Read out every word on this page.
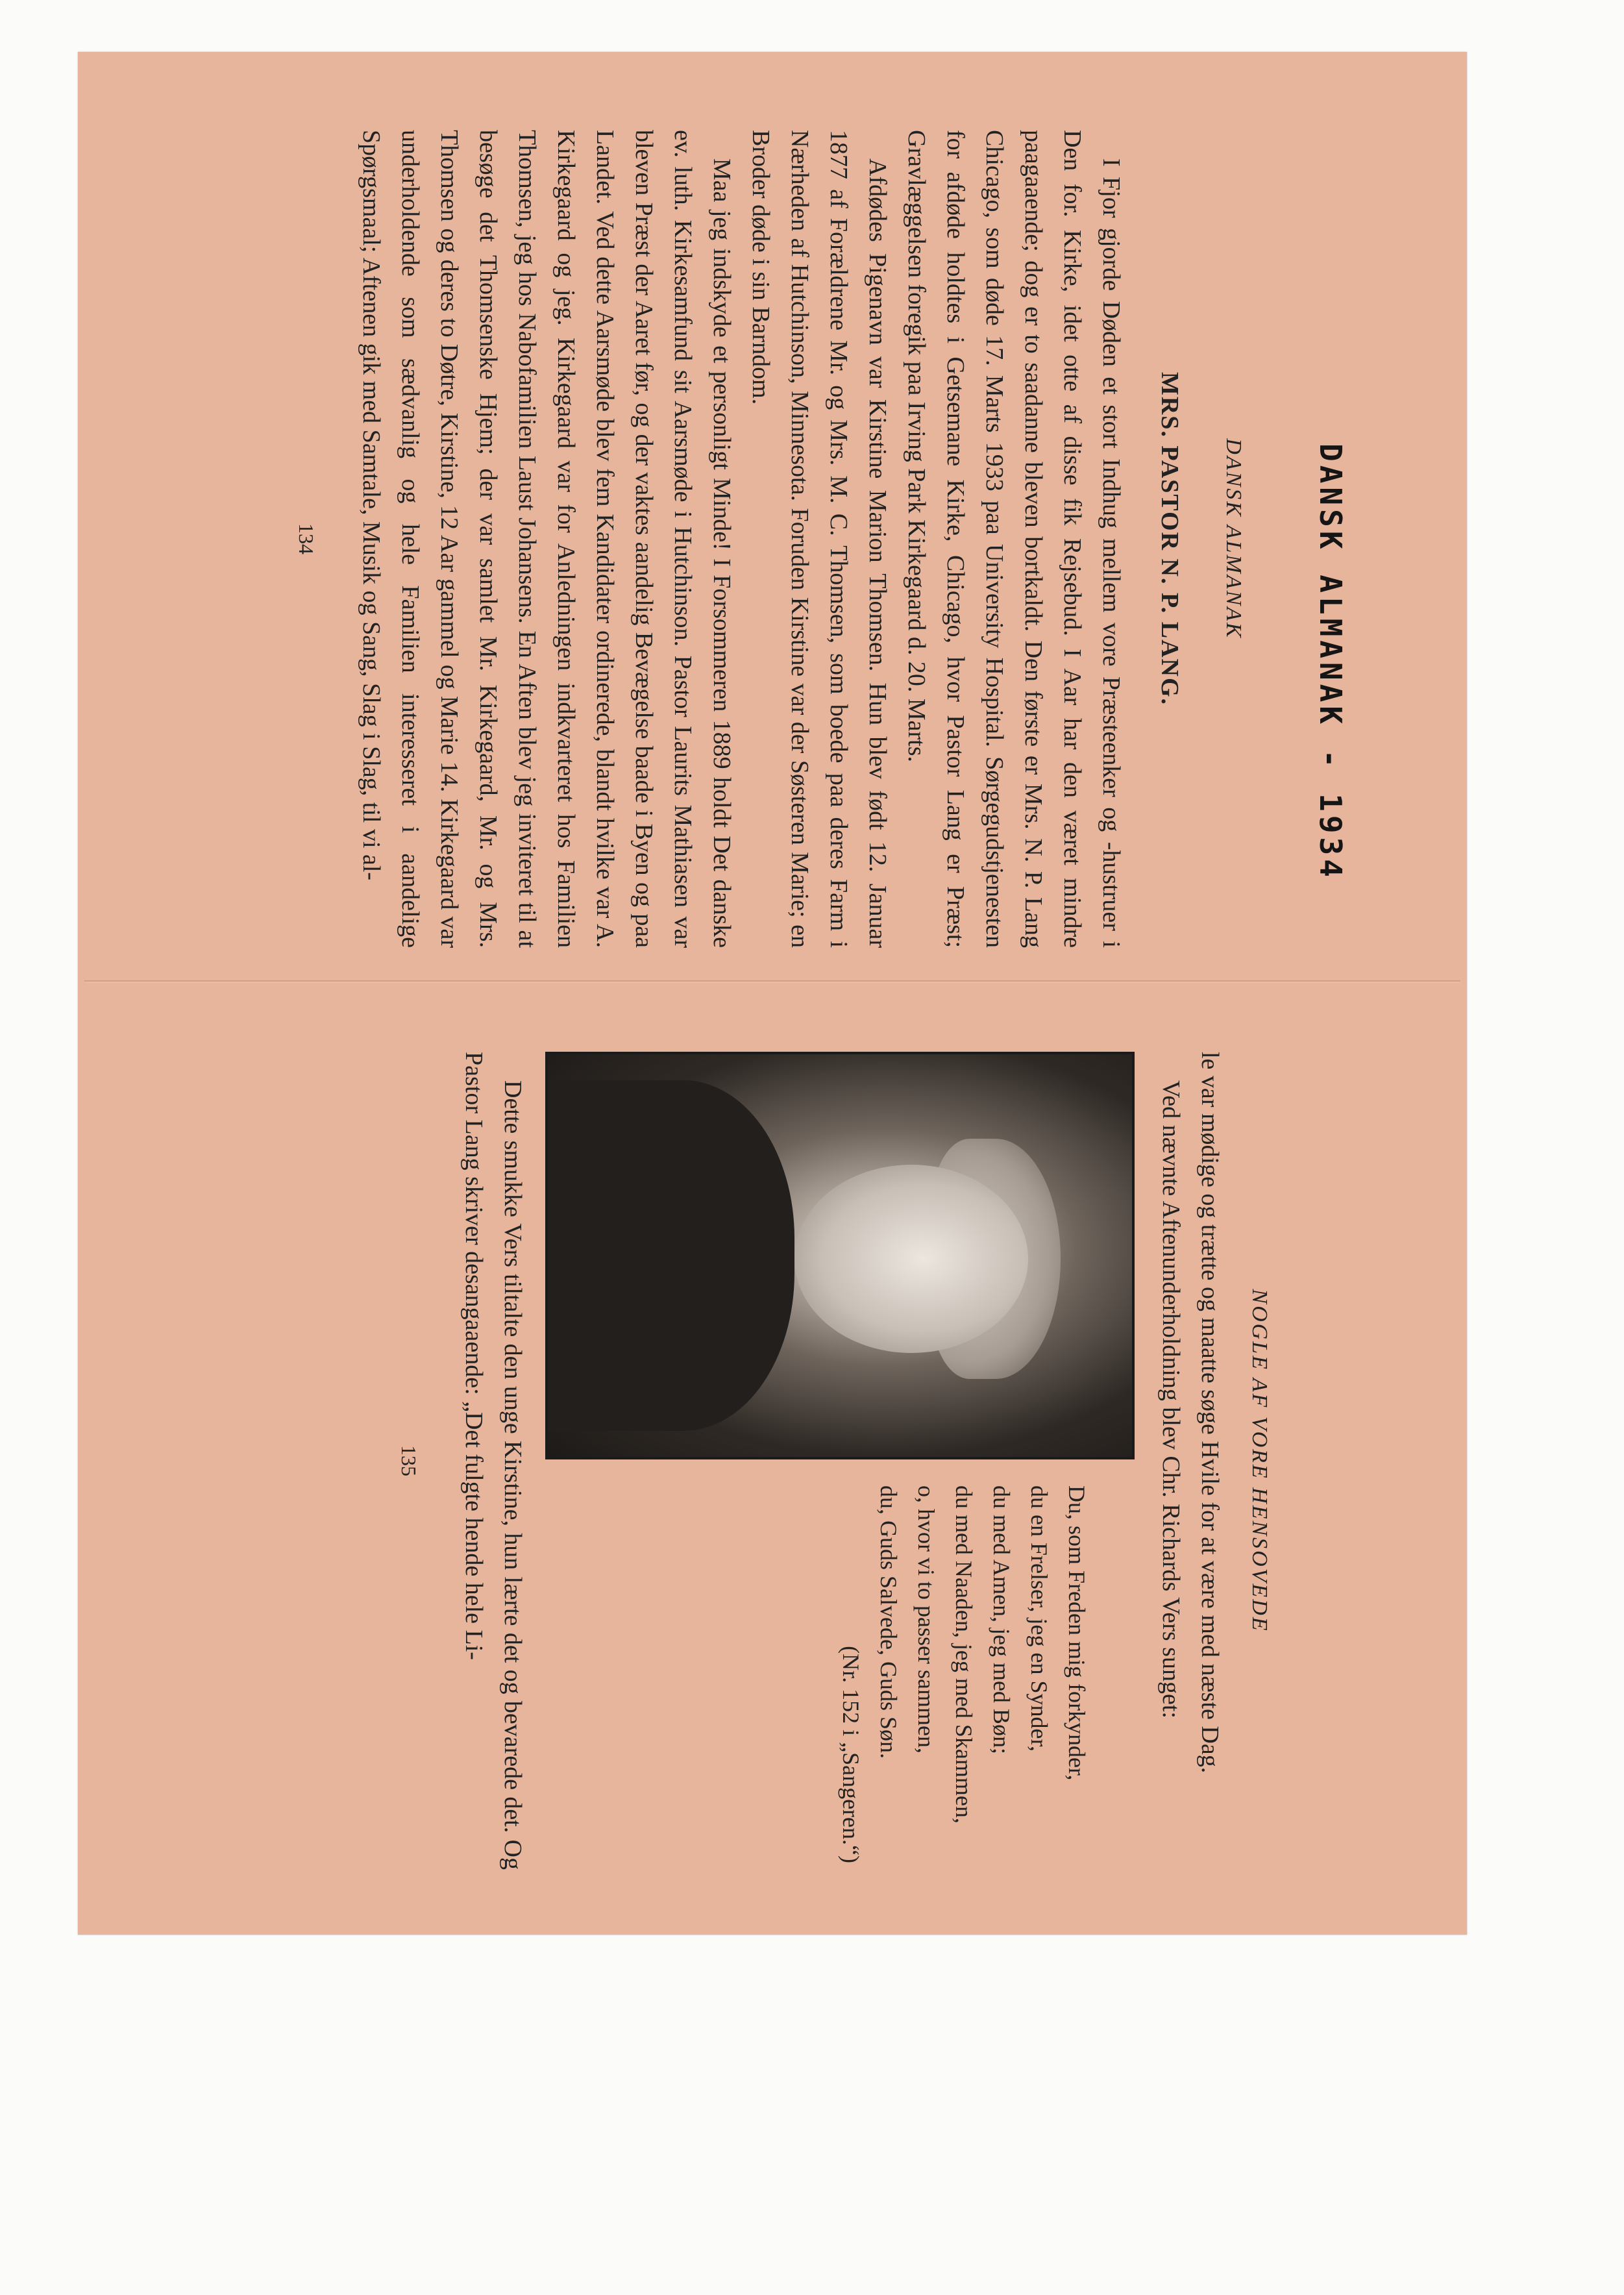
DANSK ALMANAK - 1934
DANSK ALMANAK
MRS. PASTOR N. P. LANG.

I Fjor gjorde Døden et stort Indhug mellem vore Præsteenker og -hustruer i Den for. Kirke, idet otte af disse fik Rejsebud. I Aar har den været mindre paagaaende; dog er to saadanne bleven bortkaldt. Den første er Mrs. N. P. Lang Chicago, som døde 17. Marts 1933 paa University Hospital. Sørgegudstjenesten for afdøde holdtes i Getsemane Kirke, Chicago, hvor Pastor Lang er Præst; Gravlæggelsen foregik paa Irving Park Kirkegaard d. 20. Marts.

Afdødes Pigenavn var Kirstine Marion Thomsen. Hun blev født 12. Januar 1877 af Forældrene Mr. og Mrs. M. C. Thomsen, som boede paa deres Farm i Nærheden af Hutchinson, Minnesota. Foruden Kirstine var der Søsteren Marie; en Broder døde i sin Barndom.

Maa jeg indskyde et personligt Minde! I Forsommeren 1889 holdt Det danske ev. luth. Kirkesamfund sit Aarsmøde i Hutchinson. Pastor Laurits Mathiasen var bleven Præst der Aaret før, og der vaktes aandelig Bevægelse baade i Byen og paa Landet. Ved dette Aarsmøde blev fem Kandidater ordinerede, blandt hvilke var A. Kirkegaard og jeg. Kirkegaard var for Anledningen indkvarteret hos Familien Thomsen, jeg hos Nabofamilien Laust Johansens. En Aften blev jeg inviteret til at besøge det Thomsenske Hjem; der var samlet Mr. Kirkegaard, Mr. og Mrs. Thomsen og deres to Døtre, Kirstine, 12 Aar gammel og Marie 14. Kirkegaard var underholdende som sædvanlig og hele Familien interesseret i aandelige Spørgsmaal; Aftenen gik med Samtale, Musik og Sang, Slag i Slag, til vi al-

134
NOGLE AF VORE HENSOVEDE

le var mødige og trætte og maatte søge Hvile for at være med næste Dag.

Ved nævnte Aftenunderholdning blev Chr. Richards Vers sunget:

Du, som Freden mig forkynder,
du en Frelser, jeg en Synder,
du med Amen, jeg med Bøn;
du med Naaden, jeg med Skammen,
o, hvor vi to passer sammen,
du, Guds Salvede, Guds Søn.
(Nr. 152 i „Sangeren.“)

Dette smukke Vers tiltalte den unge Kirstine, hun lærte det og bevarede det. Og Pastor Lang skriver desangaaende: „Det fulgte hende hele Li-

135
